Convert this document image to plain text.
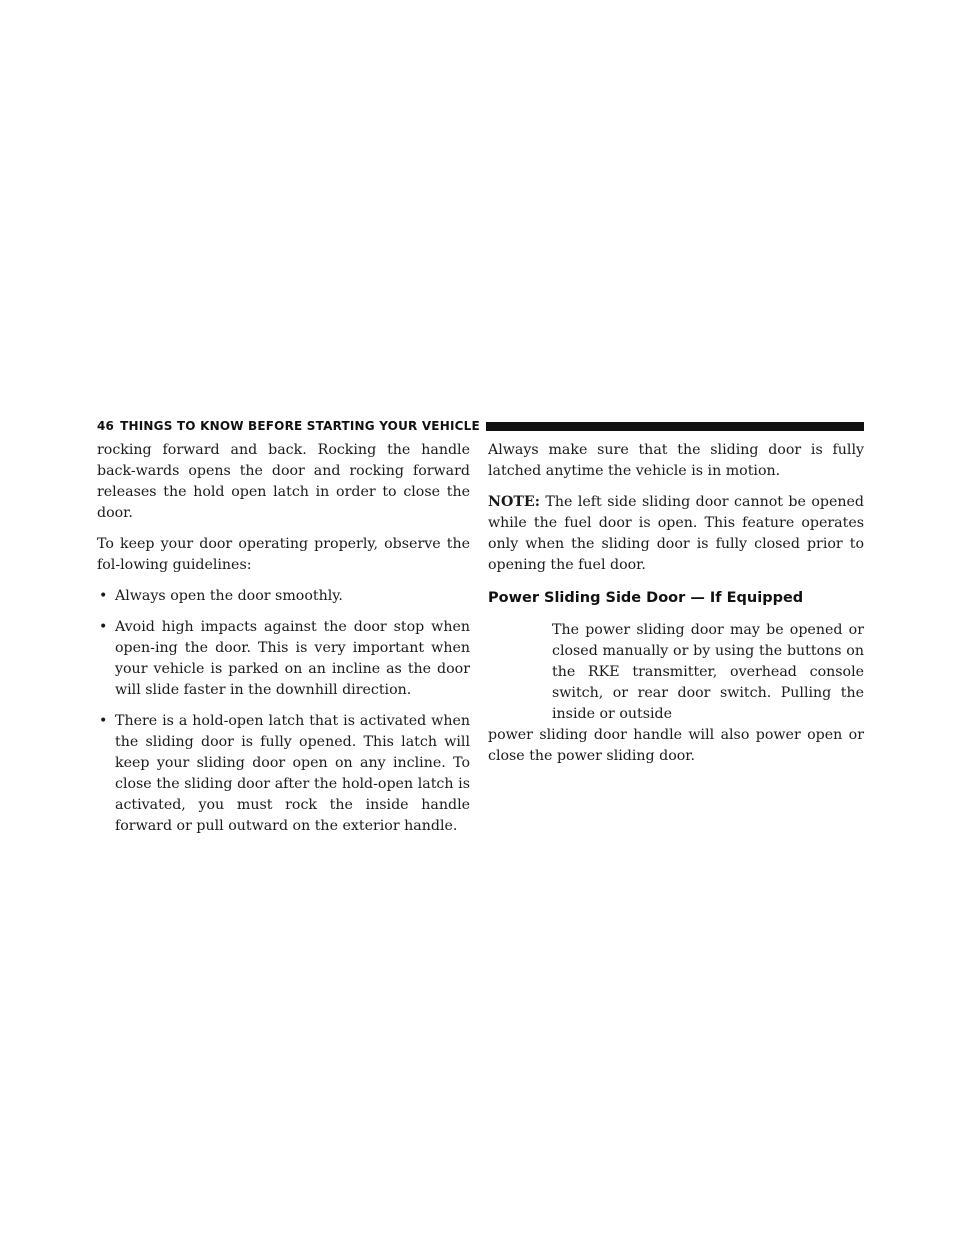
46 THINGS TO KNOW BEFORE STARTING YOUR VEHICLE

rocking forward and back. Rocking the handle back-wards opens the door and rocking forward releases the hold open latch in order to close the door.

To keep your door operating properly, observe the fol-lowing guidelines:

• Always open the door smoothly.
• Avoid high impacts against the door stop when open-ing the door. This is very important when your vehicle is parked on an incline as the door will slide faster in the downhill direction.
• There is a hold-open latch that is activated when the sliding door is fully opened. This latch will keep your sliding door open on any incline. To close the sliding door after the hold-open latch is activated, you must rock the inside handle forward or pull outward on the exterior handle.

Always make sure that the sliding door is fully latched anytime the vehicle is in motion.

NOTE: The left side sliding door cannot be opened while the fuel door is open. This feature operates only when the sliding door is fully closed prior to opening the fuel door.

Power Sliding Side Door — If Equipped

The power sliding door may be opened or closed manually or by using the buttons on the RKE transmitter, overhead console switch, or rear door switch. Pulling the inside or outside

power sliding door handle will also power open or close the power sliding door.
